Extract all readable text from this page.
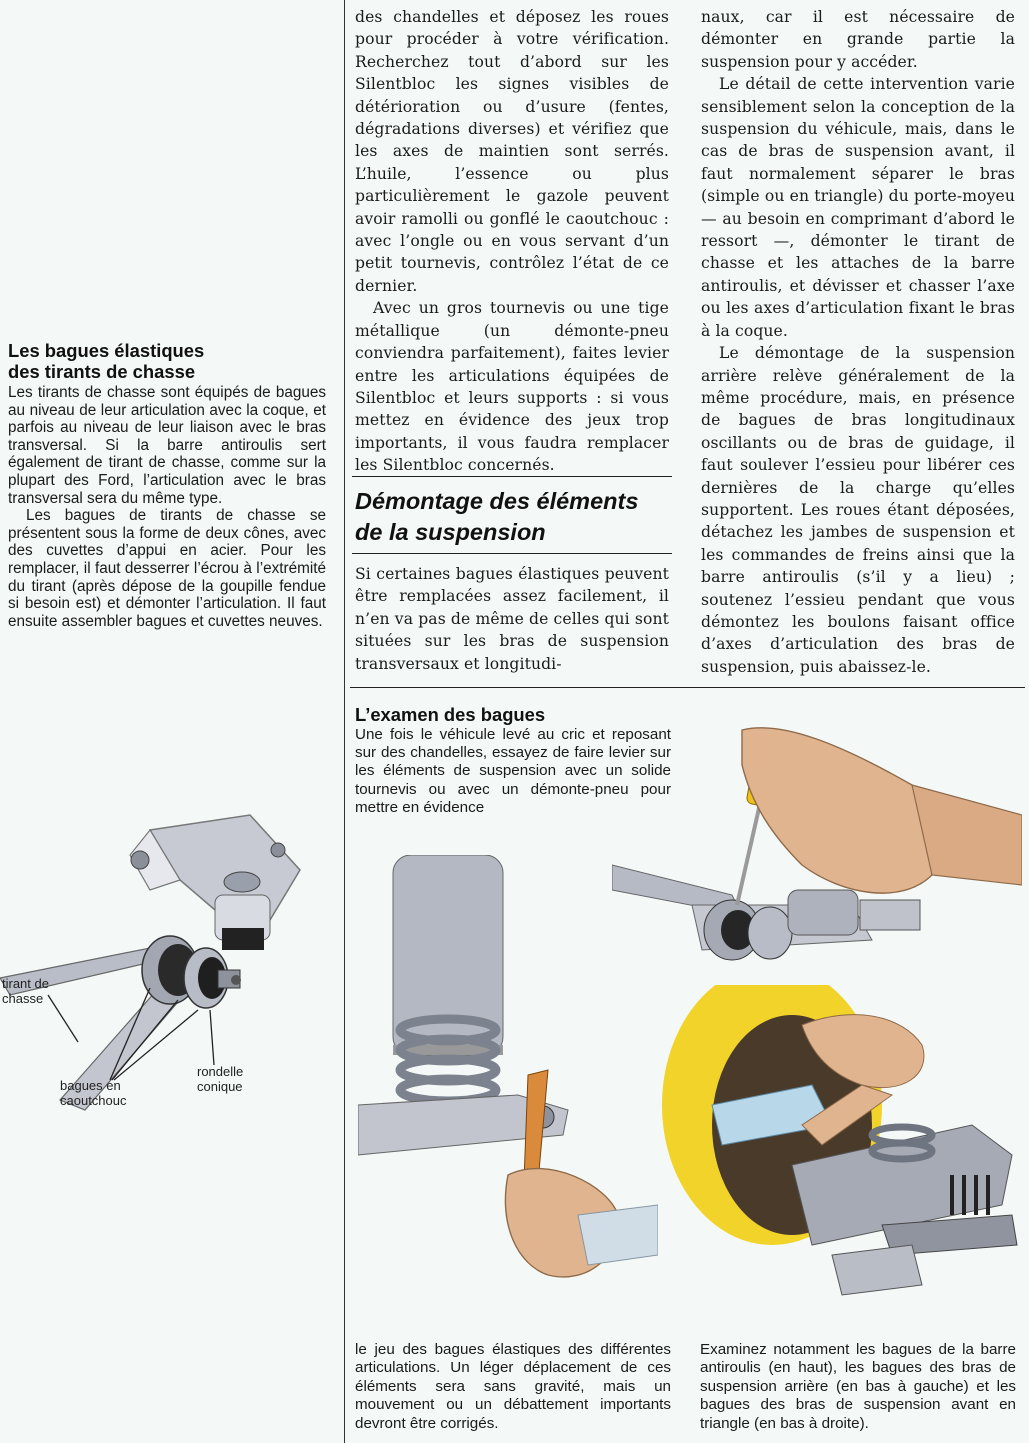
Les bagues élastiques
des tirants de chasse

Les tirants de chasse sont équipés de bagues au niveau de leur articulation avec la coque, et parfois au niveau de leur liaison avec le bras transversal. Si la barre antiroulis sert également de tirant de chasse, comme sur la plupart des Ford, l’articulation avec le bras transversal sera du même type.

Les bagues de tirants de chasse se présentent sous la forme de deux cônes, avec des cuvettes d’appui en acier. Pour les remplacer, il faut desserrer l’écrou à l’extrémité du tirant (après dépose de la goupille fendue si besoin est) et démonter l’articulation. Il faut ensuite assembler bagues et cuvettes neuves.

tirant de
chasse
bagues en
caoutchouc
rondelle
conique

des chandelles et déposez les roues pour procéder à votre vérification. Recherchez tout d’abord sur les Silentbloc les signes visibles de détérioration ou d’usure (fentes, dégradations diverses) et vérifiez que les axes de maintien sont serrés. L’huile, l’essence ou plus particulièrement le gazole peuvent avoir ramolli ou gonflé le caoutchouc : avec l’ongle ou en vous servant d’un petit tournevis, contrôlez l’état de ce dernier.

Avec un gros tournevis ou une tige métallique (un démonte-pneu conviendra parfaitement), faites levier entre les articulations équipées de Silentbloc et leurs supports : si vous mettez en évidence des jeux trop importants, il vous faudra remplacer les Silentbloc concernés.

Démontage des éléments
de la suspension

Si certaines bagues élastiques peuvent être remplacées assez facilement, il n’en va pas de même de celles qui sont situées sur les bras de suspension transversaux et longitudi-

naux, car il est nécessaire de démonter en grande partie la suspension pour y accéder.

Le détail de cette intervention varie sensiblement selon la conception de la suspension du véhicule, mais, dans le cas de bras de suspension avant, il faut normalement séparer le bras (simple ou en triangle) du porte-moyeu — au besoin en comprimant d’abord le ressort —, démonter le tirant de chasse et les attaches de la barre antiroulis, et dévisser et chasser l’axe ou les axes d’articulation fixant le bras à la coque.

Le démontage de la suspension arrière relève généralement de la même procédure, mais, en présence de bagues de bras longitudinaux oscillants ou de bras de guidage, il faut soulever l’essieu pour libérer ces dernières de la charge qu’elles supportent. Les roues étant déposées, détachez les jambes de suspension et les commandes de freins ainsi que la barre antiroulis (s’il y a lieu) ; soutenez l’essieu pendant que vous démontez les boulons faisant office d’axes d’articulation des bras de suspension, puis abaissez-le.

L’examen des bagues

Une fois le véhicule levé au cric et reposant sur des chandelles, essayez de faire levier sur les éléments de suspension avec un solide tournevis ou avec un démonte-pneu pour mettre en évidence

le jeu des bagues élastiques des différentes articulations. Un léger déplacement de ces éléments sera sans gravité, mais un mouvement ou un débattement importants devront être corrigés.

Examinez notamment les bagues de la barre antiroulis (en haut), les bagues des bras de suspension arrière (en bas à gauche) et les bagues des bras de suspension avant en triangle (en bas à droite).
